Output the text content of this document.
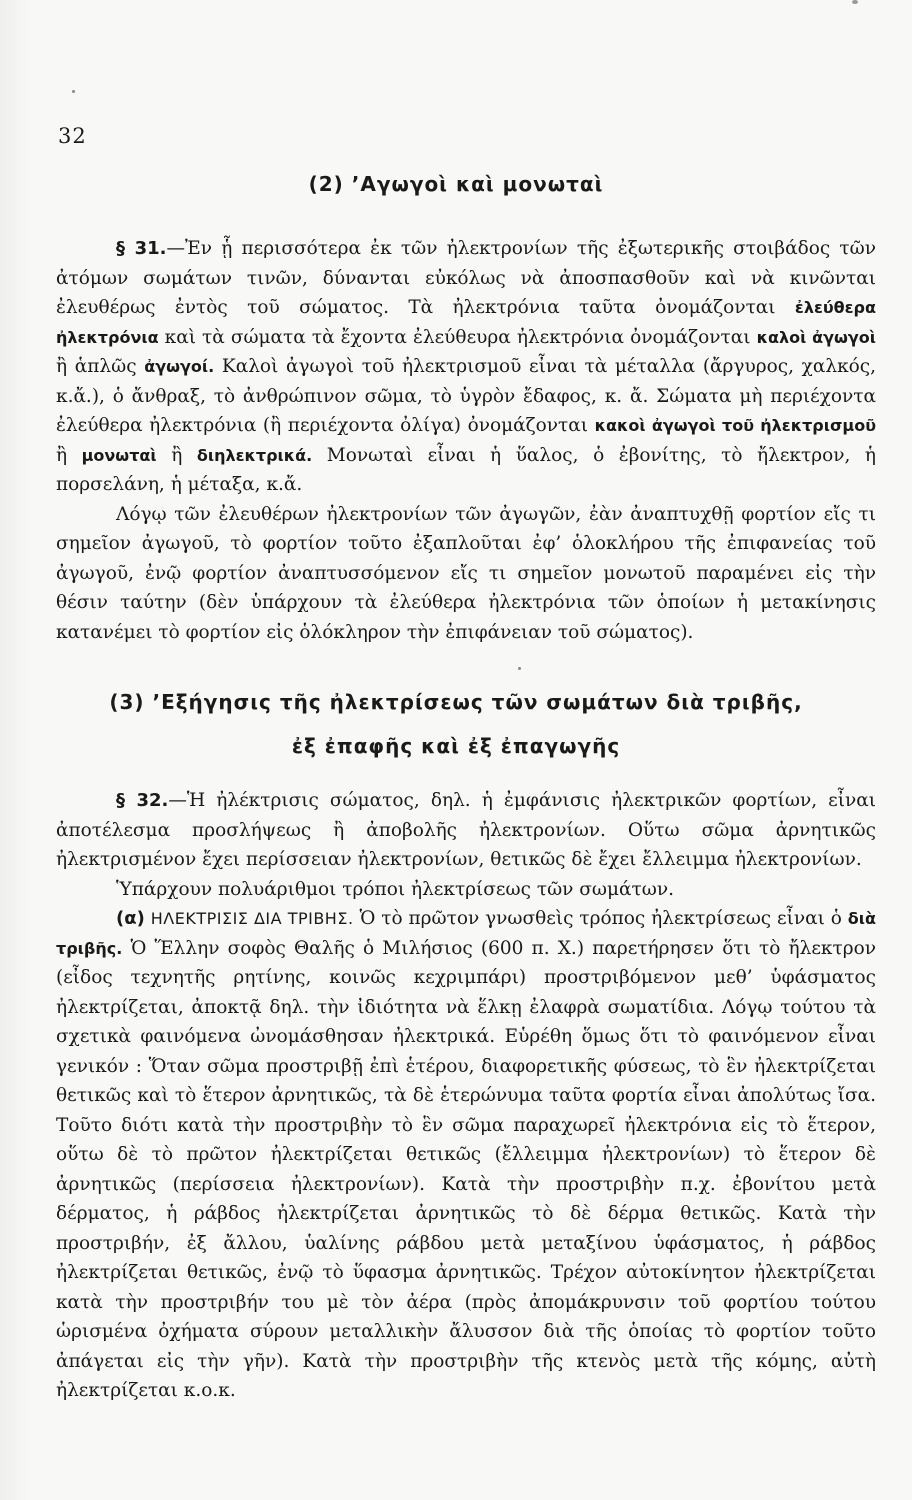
32
(2) ’Αγωγοὶ καὶ μονωταὶ

§ 31.—Ἐν ᾗ περισσότερα ἐκ τῶν ἠλεκτρονίων τῆς ἐξωτερικῆς στοιβάδος τῶν ἀτόμων σωμάτων τινῶν, δύνανται εὐκόλως νὰ ἀποσπασθοῦν καὶ νὰ κινῶνται ἐλευθέρως ἐντὸς τοῦ σώματος. Τὰ ἠλεκτρόνια ταῦτα ὀνομάζονται ἐλεύθερα ἠλεκτρόνια καὶ τὰ σώματα τὰ ἔχοντα ἐλεύθευρα ἠλεκτρόνια ὀνομάζονται καλοὶ ἀγωγοὶ ἢ ἁπλῶς ἀγωγοί. Καλοὶ ἀγωγοὶ τοῦ ἠλεκτρισμοῦ εἶναι τὰ μέταλλα (ἄργυρος, χαλκός, κ.ἄ.), ὁ ἄνθραξ, τὸ ἀνθρώπινον σῶμα, τὸ ὑγρὸν ἔδαφος, κ. ἄ. Σώματα μὴ περιέχοντα ἐλεύθερα ἠλεκτρόνια (ἢ περιέχοντα ὀλίγα) ὀνομάζονται κακοὶ ἀγωγοὶ τοῦ ἠλεκτρισμοῦ ἢ μονωταὶ ἢ διηλεκτρικά. Μονωταὶ εἶναι ἡ ὕαλος, ὁ ἐβονίτης, τὸ ἤλεκτρον, ἡ πορσελάνη, ἡ μέταξα, κ.ἄ.

Λόγῳ τῶν ἐλευθέρων ἠλεκτρονίων τῶν ἀγωγῶν, ἐὰν ἀναπτυχθῇ φορτίον εἴς τι σημεῖον ἀγωγοῦ, τὸ φορτίον τοῦτο ἐξαπλοῦται ἐφ’ ὁλοκλήρου τῆς ἐπιφανείας τοῦ ἀγωγοῦ, ἐνῷ φορτίον ἀναπτυσσόμενον εἴς τι σημεῖον μονωτοῦ παραμένει εἰς τὴν θέσιν ταύτην (δὲν ὑπάρχουν τὰ ἐλεύθερα ἠλεκτρόνια τῶν ὁποίων ἡ μετακίνησις κατανέμει τὸ φορτίον εἰς ὁλόκληρον τὴν ἐπιφάνειαν τοῦ σώματος).

(3) ’Εξήγησις τῆς ἠλεκτρίσεως τῶν σωμάτων διὰ τριβῆς,
ἐξ ἐπαφῆς καὶ ἐξ ἐπαγωγῆς

§ 32.—Ἡ ἠλέκτρισις σώματος, δηλ. ἡ ἐμφάνισις ἠλεκτρικῶν φορτίων, εἶναι ἀποτέλεσμα προσλήψεως ἢ ἀποβολῆς ἠλεκτρονίων. Οὕτω σῶμα ἀρνητικῶς ἠλεκτρισμένον ἔχει περίσσειαν ἠλεκτρονίων, θετικῶς δὲ ἔχει ἔλλειμμα ἠλεκτρονίων.

Ὑπάρχουν πολυάριθμοι τρόποι ἠλεκτρίσεως τῶν σωμάτων.

(α) ΗΛΕΚΤΡΙΣΙΣ ΔΙΑ ΤΡΙΒΗΣ. Ὁ τὸ πρῶτον γνωσθεὶς τρόπος ἠλεκτρίσεως εἶναι ὁ διὰ τριβῆς. Ὁ Ἕλλην σοφὸς Θαλῆς ὁ Μιλήσιος (600 π. Χ.) παρετήρησεν ὅτι τὸ ἤλεκτρον (εἶδος τεχνητῆς ρητίνης, κοινῶς κεχριμπάρι) προστριβόμενον μεθ’ ὑφάσματος ἠλεκτρίζεται, ἀποκτᾷ δηλ. τὴν ἰδιότητα νὰ ἕλκῃ ἐλαφρὰ σωματίδια. Λόγῳ τούτου τὰ σχετικὰ φαινόμενα ὠνομάσθησαν ἠλεκτρικά. Εὑρέθη ὅμως ὅτι τὸ φαινόμενον εἶναι γενικόν : Ὅταν σῶμα προστριβῇ ἐπὶ ἑτέρου, διαφορετικῆς φύσεως, τὸ ἓν ἠλεκτρίζεται θετικῶς καὶ τὸ ἕτερον ἀρνητικῶς, τὰ δὲ ἑτερώνυμα ταῦτα φορτία εἶναι ἀπολύτως ἴσα. Τοῦτο διότι κατὰ τὴν προστριβὴν τὸ ἓν σῶμα παραχωρεῖ ἠλεκτρόνια εἰς τὸ ἕτερον, οὕτω δὲ τὸ πρῶτον ἠλεκτρίζεται θετικῶς (ἔλλειμμα ἠλεκτρονίων) τὸ ἕτερον δὲ ἀρνητικῶς (περίσσεια ἠλεκτρονίων). Κατὰ τὴν προστριβὴν π.χ. ἐβονίτου μετὰ δέρματος, ἡ ράβδος ἠλεκτρίζεται ἀρνητικῶς τὸ δὲ δέρμα θετικῶς. Κατὰ τὴν προστριβήν, ἐξ ἄλλου, ὑαλίνης ράβδου μετὰ μεταξίνου ὑφάσματος, ἡ ράβδος ἠλεκτρίζεται θετικῶς, ἐνῷ τὸ ὕφασμα ἀρνητικῶς. Τρέχον αὐτοκίνητον ἠλεκτρίζεται κατὰ τὴν προστριβήν του μὲ τὸν ἀέρα (πρὸς ἀπομάκρυνσιν τοῦ φορτίου τούτου ὡρισμένα ὀχήματα σύρουν μεταλλικὴν ἄλυσσον διὰ τῆς ὁποίας τὸ φορτίον τοῦτο ἀπάγεται εἰς τὴν γῆν). Κατὰ τὴν προστριβὴν τῆς κτενὸς μετὰ τῆς κόμης, αὐτὴ ἠλεκτρίζεται κ.ο.κ.
